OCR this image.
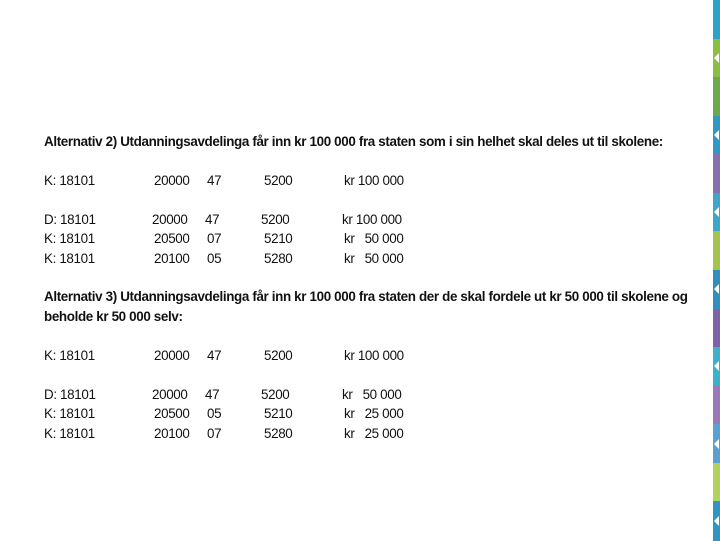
Alternativ 2) Utdanningsavdelinga får inn kr 100 000 fra staten som i sin helhet skal deles ut til skolene:
K: 18101	20000 47	5200	kr 100 000
D: 18101	20000 47	5200	kr 100 000
K: 18101	20500 07	5210	kr   50 000
K: 18101	20100 05	5280	kr   50 000
Alternativ 3) Utdanningsavdelinga får inn kr 100 000 fra staten der de skal fordele ut kr 50 000 til skolene og beholde kr 50 000 selv:
K: 18101	20000 47	5200	kr 100 000
D: 18101	20000 47	5200	kr   50 000
K: 18101	20500 05	5210	kr   25 000
K: 18101	20100 07	5280	kr   25 000
